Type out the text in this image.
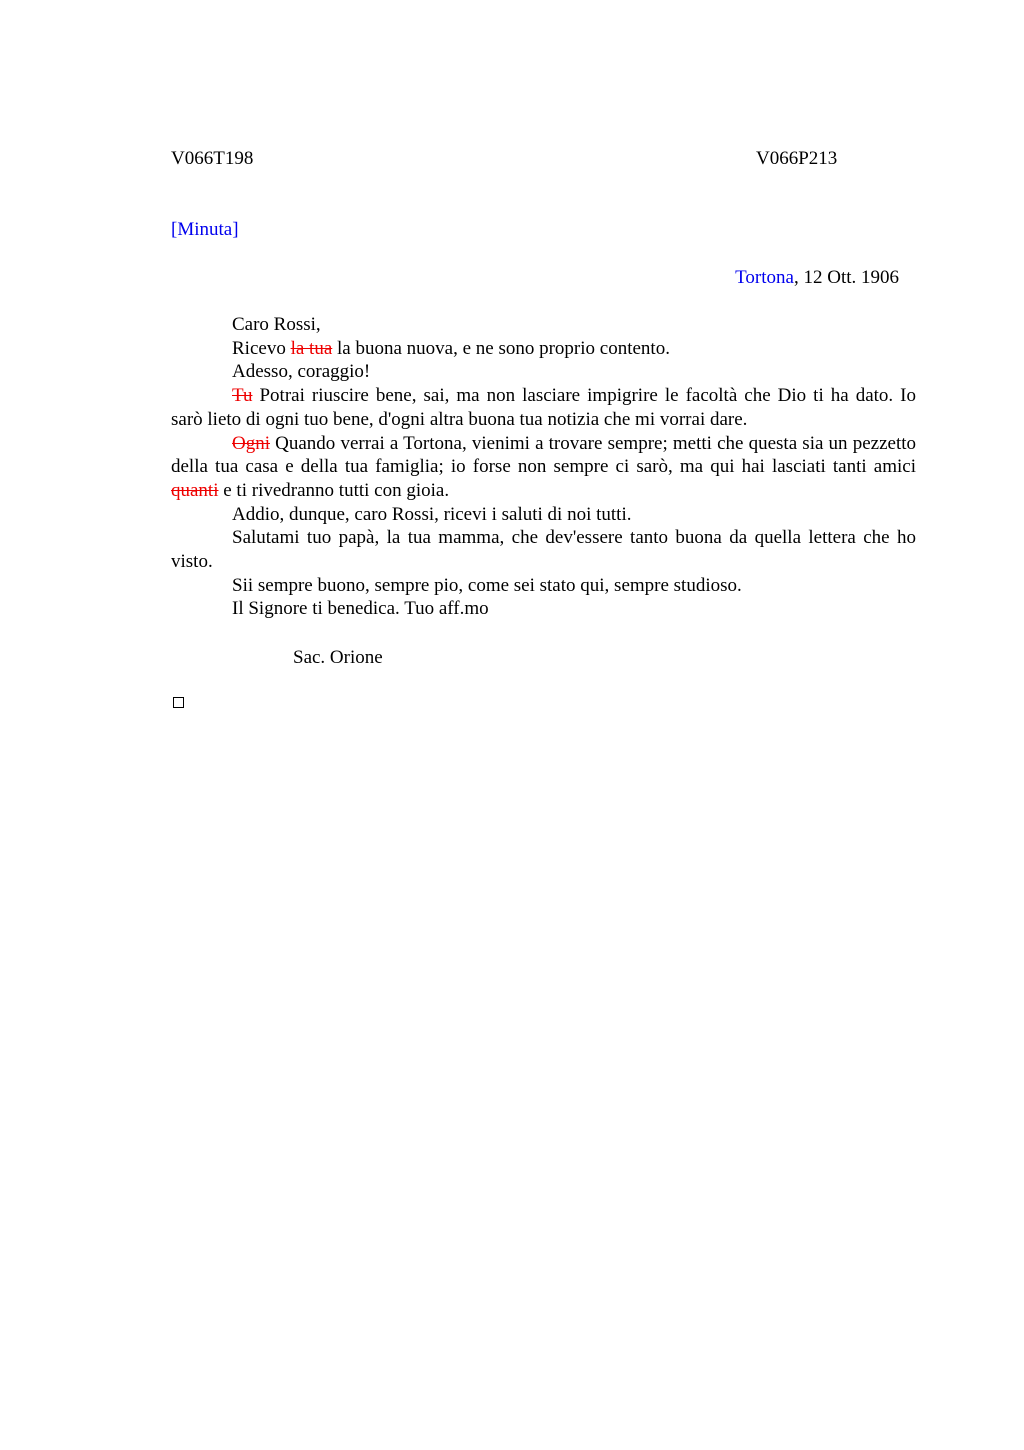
V066T198	V066P213
[Minuta]
Tortona, 12 Ott. 1906

Caro Rossi,

Ricevo la tua la buona nuova, e ne sono proprio contento.

Adesso, coraggio!

Tu Potrai riuscire bene, sai, ma non lasciare impigrire le facoltà che Dio ti ha dato. Io sarò lieto di ogni tuo bene, d'ogni altra buona tua notizia che mi vorrai dare.

Ogni Quando verrai a Tortona, vienimi a trovare sempre; metti che questa sia un pezzetto della tua casa e della tua famiglia; io forse non sempre ci sarò, ma qui hai lasciati tanti amici quanti e ti rivedranno tutti con gioia.

Addio, dunque, caro Rossi, ricevi i saluti di noi tutti.

Salutami tuo papà, la tua mamma, che dev'essere tanto buona da quella lettera che ho visto.

Sii sempre buono, sempre pio, come sei stato qui, sempre studioso.

Il Signore ti benedica. Tuo aff.mo

Sac. Orione
